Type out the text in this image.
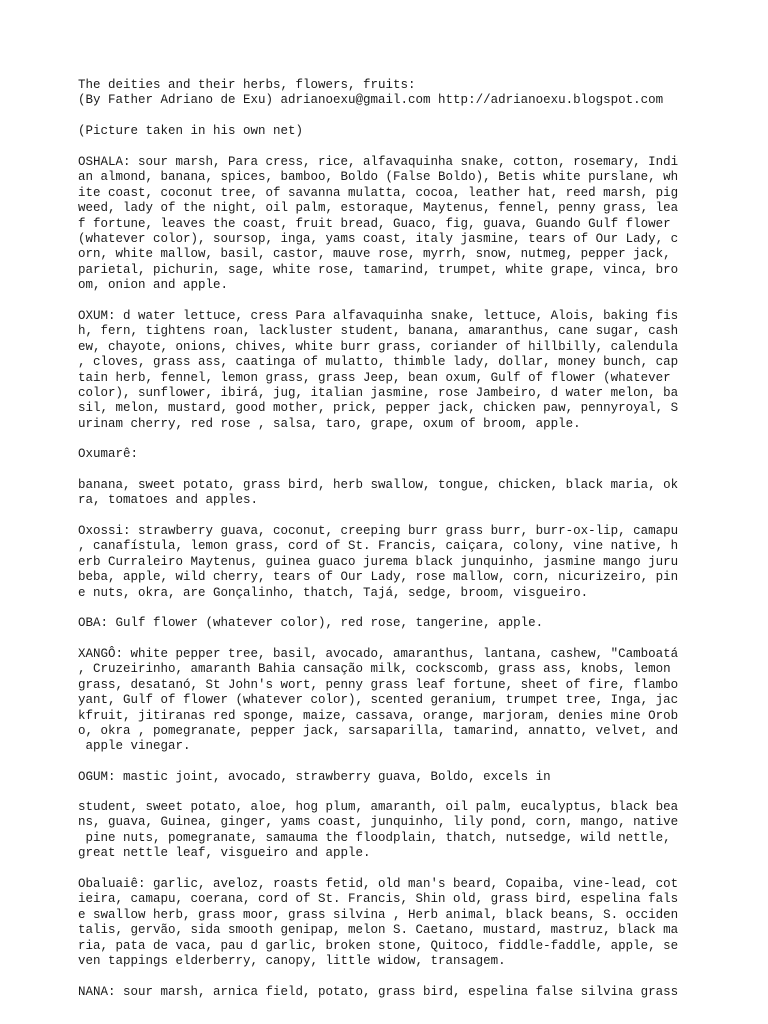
The deities and their herbs, flowers, fruits:
(By Father Adriano de Exu) adrianoexu@gmail.com http://adrianoexu.blogspot.com
(Picture taken in his own net)
OSHALA: sour marsh, Para cress, rice, alfavaquinha snake, cotton, rosemary, Indi
an almond, banana, spices, bamboo, Boldo (False Boldo), Betis white purslane, wh
ite coast, coconut tree, of savanna mulatta, cocoa, leather hat, reed marsh, pig
weed, lady of the night, oil palm, estoraque, Maytenus, fennel, penny grass, lea
f fortune, leaves the coast, fruit bread, Guaco, fig, guava, Guando Gulf flower
(whatever color), soursop, inga, yams coast, italy jasmine, tears of Our Lady, c
orn, white mallow, basil, castor, mauve rose, myrrh, snow, nutmeg, pepper jack,
parietal, pichurin, sage, white rose, tamarind, trumpet, white grape, vinca, bro
om, onion and apple.
OXUM: d water lettuce, cress Para alfavaquinha snake, lettuce, Alois, baking fis
h, fern, tightens roan, lackluster student, banana, amaranthus, cane sugar, cash
ew, chayote, onions, chives, white burr grass, coriander of hillbilly, calendula
, cloves, grass ass, caatinga of mulatto, thimble lady, dollar, money bunch, cap
tain herb, fennel, lemon grass, grass Jeep, bean oxum, Gulf of flower (whatever
color), sunflower, ibirá, jug, italian jasmine, rose Jambeiro, d water melon, ba
sil, melon, mustard, good mother, prick, pepper jack, chicken paw, pennyroyal, S
urinam cherry, red rose , salsa, taro, grape, oxum of broom, apple.
Oxumarê:
banana, sweet potato, grass bird, herb swallow, tongue, chicken, black maria, ok
ra, tomatoes and apples.
Oxossi: strawberry guava, coconut, creeping burr grass burr, burr-ox-lip, camapu
, canafístula, lemon grass, cord of St. Francis, caiçara, colony, vine native, h
erb Curraleiro Maytenus, guinea guaco jurema black junquinho, jasmine mango juru
beba, apple, wild cherry, tears of Our Lady, rose mallow, corn, nicurizeiro, pin
e nuts, okra, are Gonçalinho, thatch, Tajá, sedge, broom, visgueiro.
OBA: Gulf flower (whatever color), red rose, tangerine, apple.
XANGÔ: white pepper tree, basil, avocado, amaranthus, lantana, cashew, "Camboatá
, Cruzeirinho, amaranth Bahia cansação milk, cockscomb, grass ass, knobs, lemon
grass, desatanó, St John's wort, penny grass leaf fortune, sheet of fire, flambo
yant, Gulf of flower (whatever color), scented geranium, trumpet tree, Inga, jac
kfruit, jitiranas red sponge, maize, cassava, orange, marjoram, denies mine Orob
o, okra , pomegranate, pepper jack, sarsaparilla, tamarind, annatto, velvet, and
apple vinegar.
OGUM: mastic joint, avocado, strawberry guava, Boldo, excels in
student, sweet potato, aloe, hog plum, amaranth, oil palm, eucalyptus, black bea
ns, guava, Guinea, ginger, yams coast, junquinho, lily pond, corn, mango, native
pine nuts, pomegranate, samauma the floodplain, thatch, nutsedge, wild nettle,
great nettle leaf, visgueiro and apple.
Obaluaiê: garlic, aveloz, roasts fetid, old man's beard, Copaiba, vine-lead, cot
ieira, camapu, coerana, cord of St. Francis, Shin old, grass bird, espelina fals
e swallow herb, grass moor, grass silvina , Herb animal, black beans, S. occiden
talis, gervão, sida smooth genipap, melon S. Caetano, mustard, mastruz, black ma
ria, pata de vaca, pau d garlic, broken stone, Quitoco, fiddle-faddle, apple, se
ven tappings elderberry, canopy, little widow, transagem.
NANA: sour marsh, arnica field, potato, grass bird, espelina false silvina grass
